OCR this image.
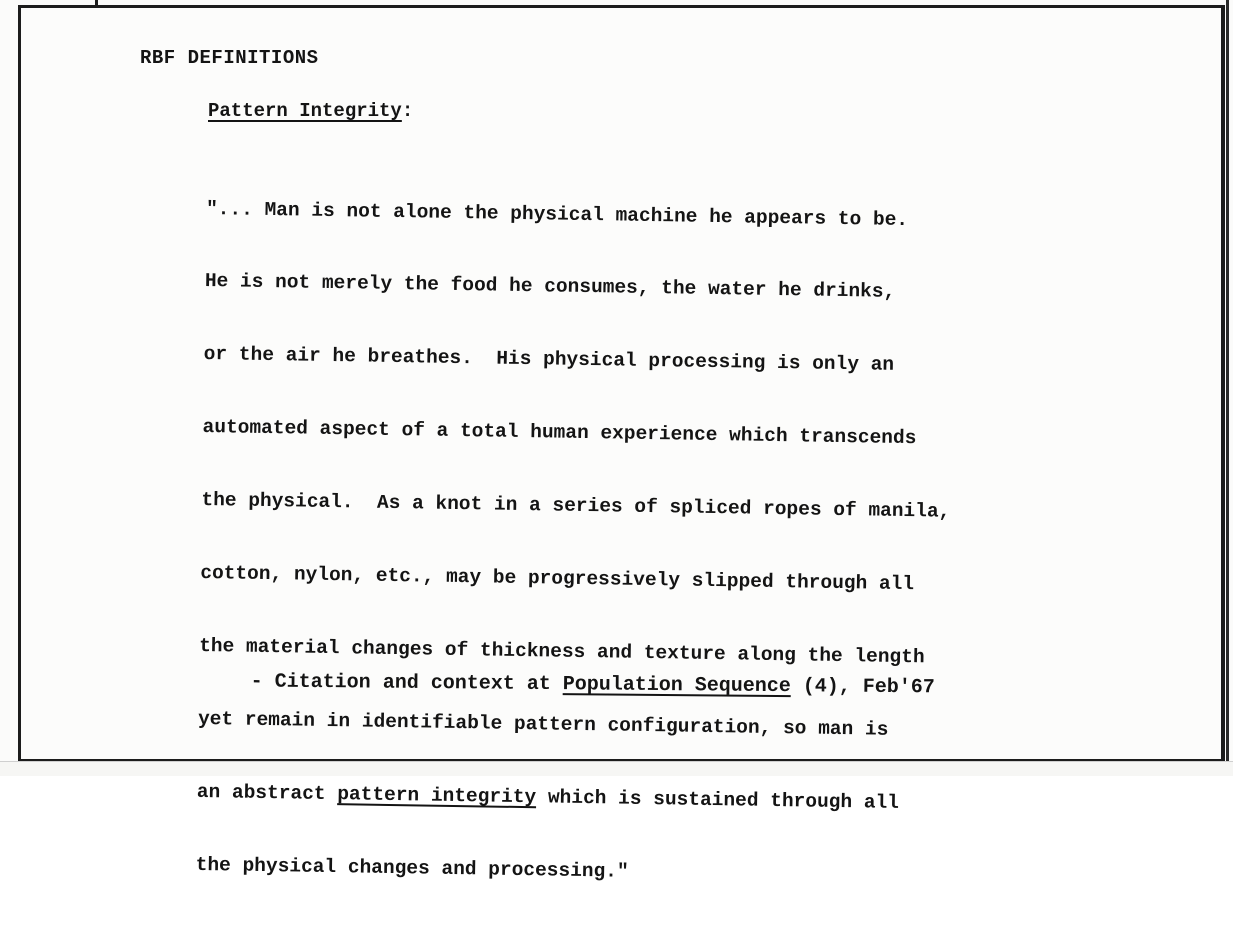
RBF DEFINITIONS
Pattern Integrity:

"... Man is not alone the physical machine he appears to be.

He is not merely the food he consumes, the water he drinks,

or the air he breathes.  His physical processing is only an

automated aspect of a total human experience which transcends

the physical.  As a knot in a series of spliced ropes of manila,

cotton, nylon, etc., may be progressively slipped through all

the material changes of thickness and texture along the length

yet remain in identifiable pattern configuration, so man is

an abstract pattern integrity which is sustained through all

the physical changes and processing."

- Citation and context at Population Sequence (4), Feb'67
